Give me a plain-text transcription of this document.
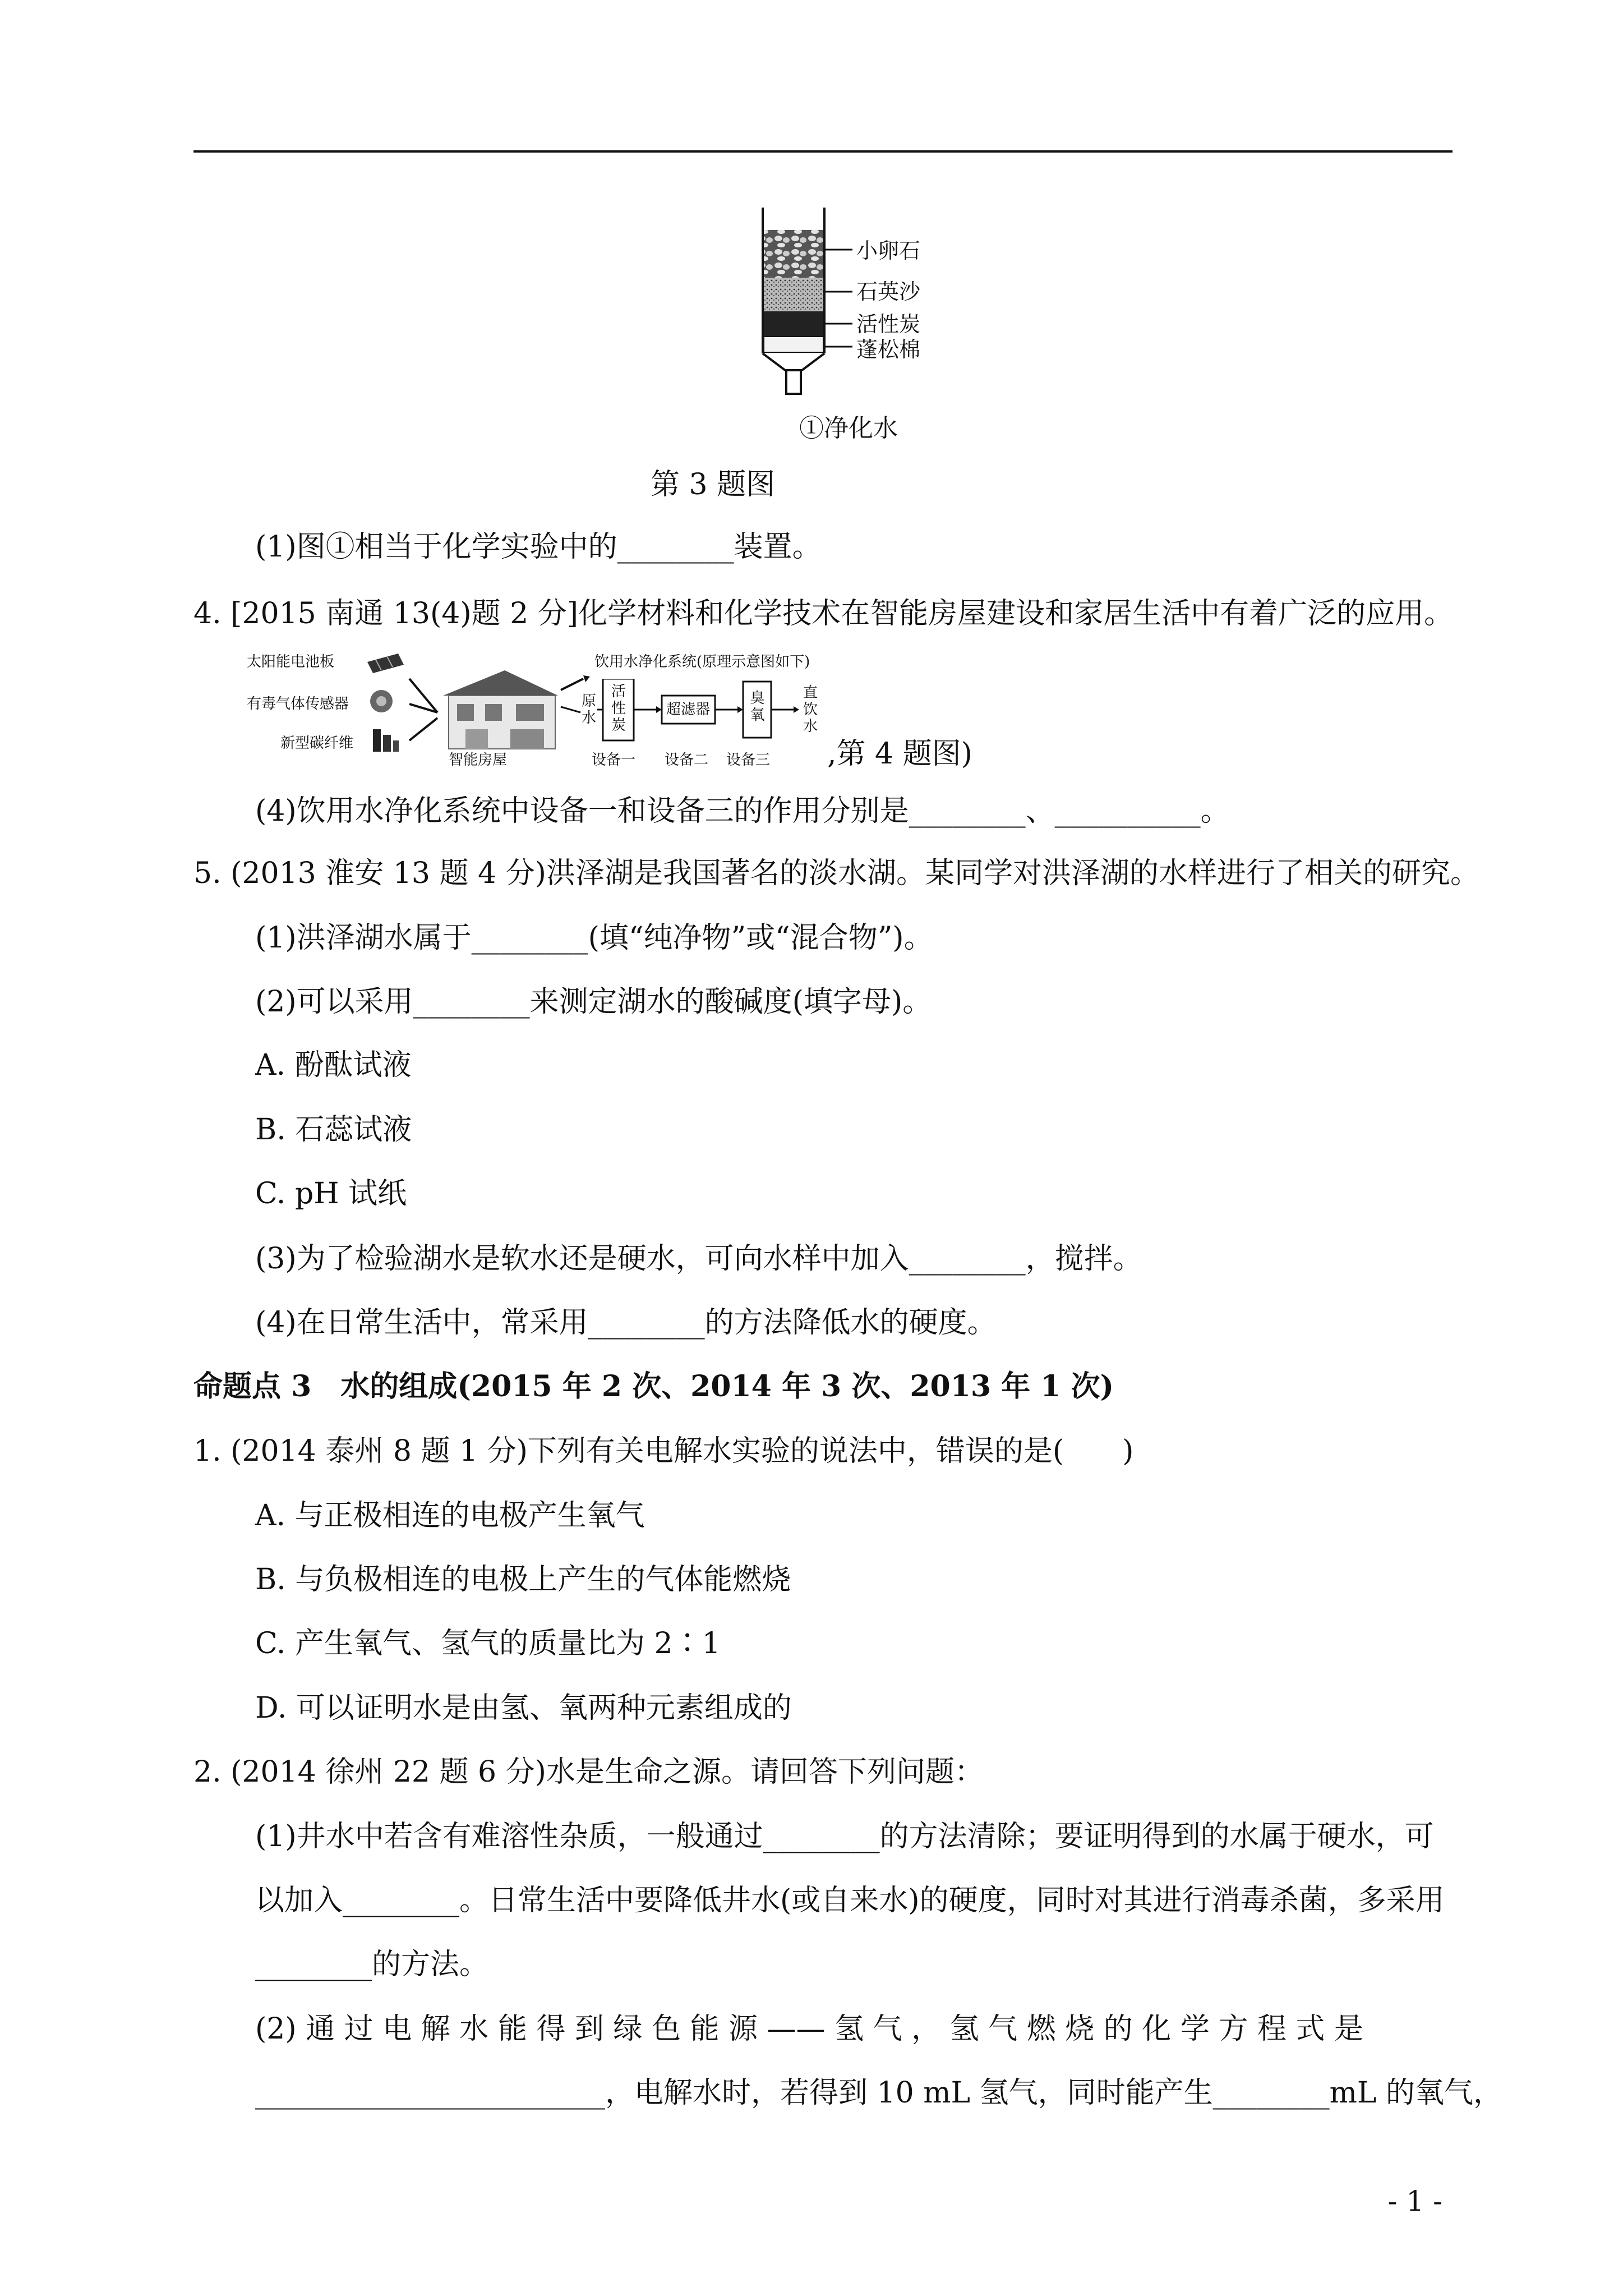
小卵石
石英沙
活性炭
蓬松棉
①净化水
第 3 题图
(1)图①相当于化学实验中的________装置。
4. [2015 南通 13(4)题 2 分]化学材料和化学技术在智能房屋建设和家居生活中有着广泛的应用。
太阳能电池板
有毒气体传感器
新型碳纤维
智能房屋
饮用水净化系统(原理示意图如下)
原水
活性炭
超滤器
臭氧
直饮水
设备一 设备二 设备三 ,第 4 题图)
(4)饮用水净化系统中设备一和设备三的作用分别是________、__________。
5. (2013 淮安 13 题 4 分)洪泽湖是我国著名的淡水湖。某同学对洪泽湖的水样进行了相关的研究。
(1)洪泽湖水属于________(填“纯净物”或“混合物”)。
(2)可以采用________来测定湖水的酸碱度(填字母)。
A. 酚酞试液
B. 石蕊试液
C. pH 试纸
(3)为了检验湖水是软水还是硬水，可向水样中加入________，搅拌。
(4)在日常生活中，常采用________的方法降低水的硬度。
命题点 3　水的组成(2015 年 2 次、2014 年 3 次、2013 年 1 次)
1. (2014 泰州 8 题 1 分)下列有关电解水实验的说法中，错误的是(　　)
A. 与正极相连的电极产生氧气
B. 与负极相连的电极上产生的气体能燃烧
C. 产生氧气、氢气的质量比为 2∶1
D. 可以证明水是由氢、氧两种元素组成的
2. (2014 徐州 22 题 6 分)水是生命之源。请回答下列问题：
(1)井水中若含有难溶性杂质，一般通过________的方法清除；要证明得到的水属于硬水，可
以加入________。日常生活中要降低井水(或自来水)的硬度，同时对其进行消毒杀菌，多采用
________的方法。
(2) 通 过 电 解 水 能 得 到 绿 色 能 源 —— 氢 气 ， 氢 气 燃 烧 的 化 学 方 程 式 是
________________________，电解水时，若得到 10 mL 氢气，同时能产生________mL 的氧气，
- 1 -
